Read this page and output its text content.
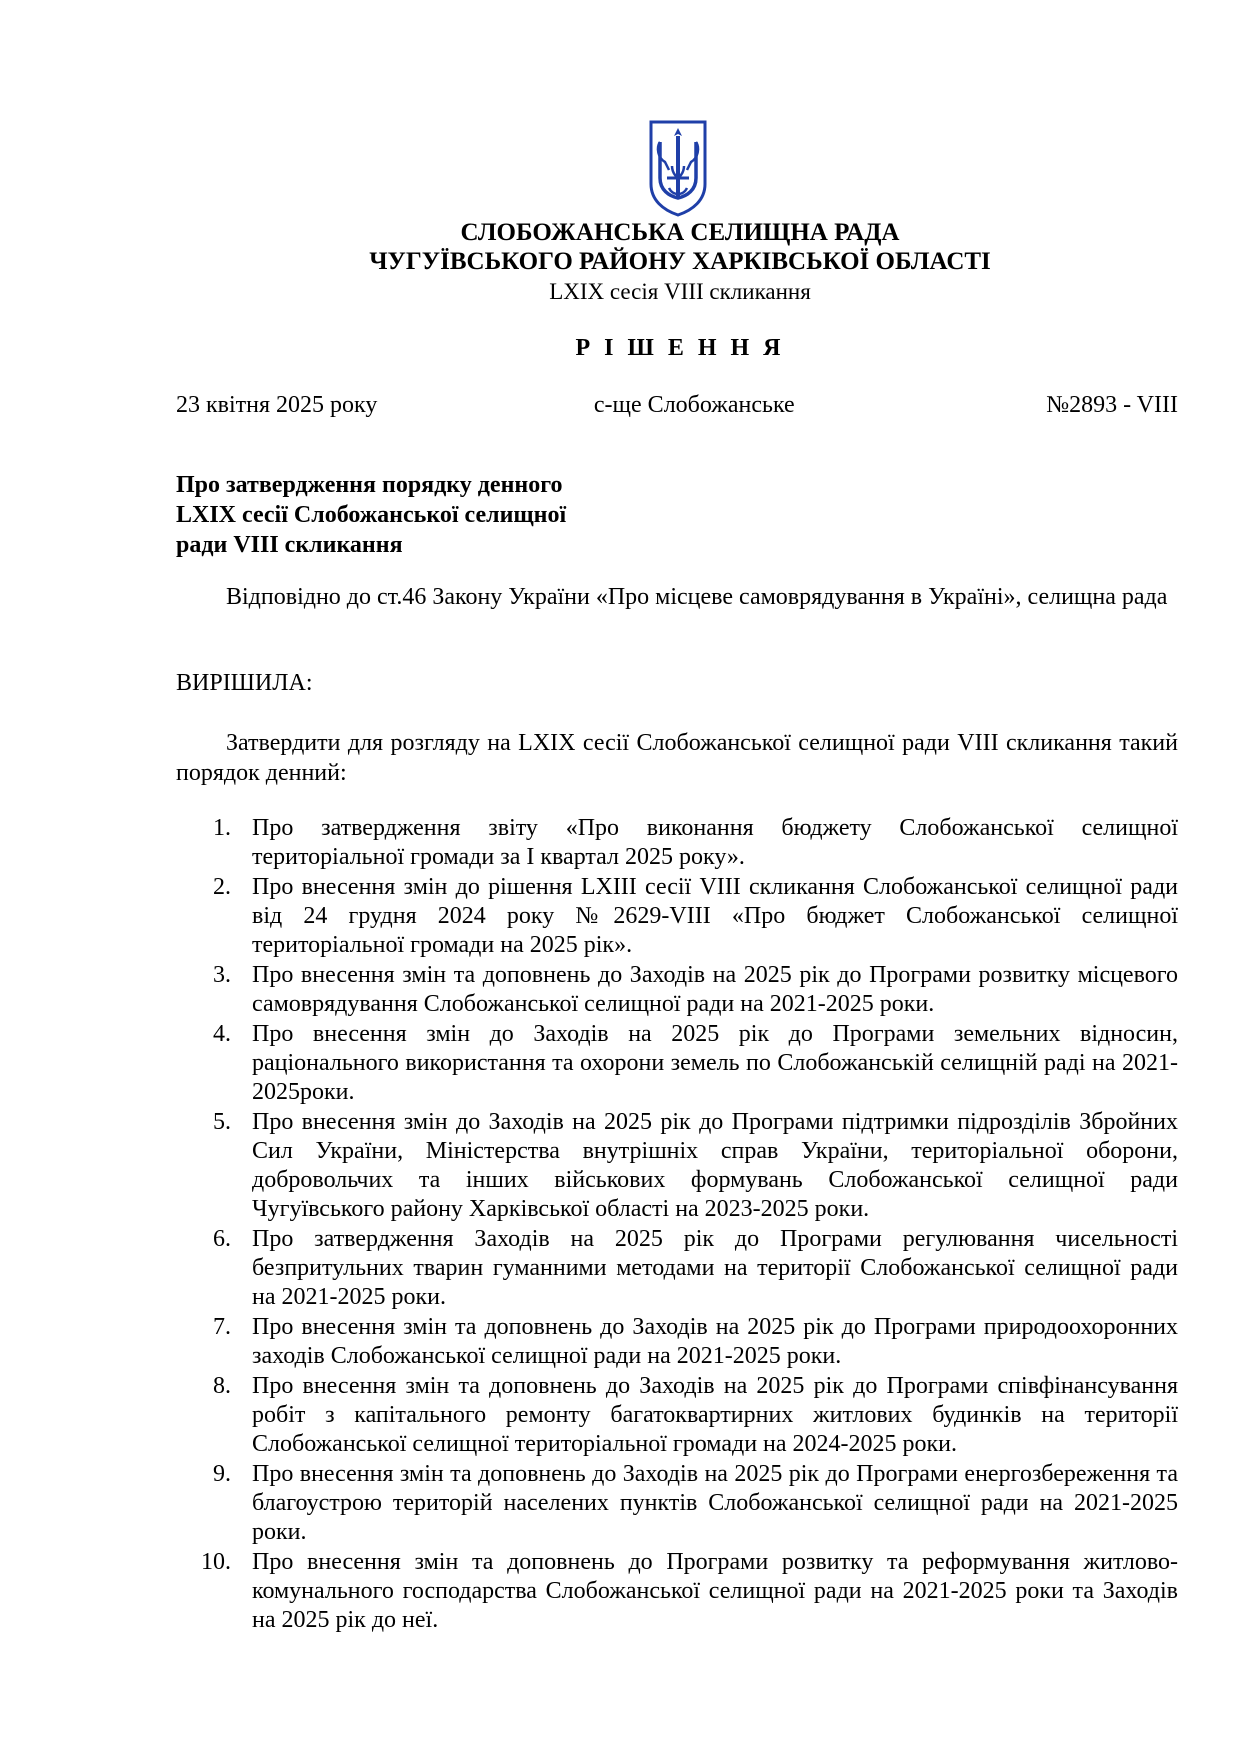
СЛОБОЖАНСЬКА СЕЛИЩНА РАДА
ЧУГУЇВСЬКОГО РАЙОНУ ХАРКІВСЬКОЇ ОБЛАСТІ
LXIX сесія VIII скликання
Р І Ш Е Н Н Я
23 квітня 2025 року	с-ще Слобожанське	№2893 - VIII
Про затвердження порядку денного
LXIX сесії Слобожанської селищної
ради VIII скликання
Відповідно до ст.46 Закону України «Про місцеве самоврядування в Україні», селищна рада
ВИРІШИЛА:
Затвердити для розгляду на LXIX сесії Слобожанської селищної ради VIII скликання такий порядок денний:
1. Про затвердження звіту «Про виконання бюджету Слобожанської селищної територіальної громади за І квартал 2025 року».
2. Про внесення змін до рішення LXIII сесії VIII скликання Слобожанської селищної ради від 24 грудня 2024 року №2629-VIII «Про бюджет Слобожанської селищної територіальної громади на 2025 рік».
3. Про внесення змін та доповнень до Заходів на 2025 рік до Програми розвитку місцевого самоврядування Слобожанської селищної ради на 2021-2025 роки.
4. Про внесення змін до Заходів на 2025 рік до Програми земельних відносин, раціонального використання та охорони земель по Слобожанській селищній раді на 2021-2025роки.
5. Про внесення змін до Заходів на 2025 рік до Програми підтримки підрозділів Збройних Сил України, Міністерства внутрішніх справ України, територіальної оборони, добровольчих та інших військових формувань Слобожанської селищної ради Чугуївського району Харківської області на 2023-2025 роки.
6. Про затвердження Заходів на 2025 рік до Програми регулювання чисельності безпритульних тварин гуманними методами на території Слобожанської селищної ради на 2021-2025 роки.
7. Про внесення змін та доповнень до Заходів на 2025 рік до Програми природоохоронних заходів Слобожанської селищної ради на 2021-2025 роки.
8. Про внесення змін та доповнень до Заходів на 2025 рік до Програми співфінансування робіт з капітального ремонту багатоквартирних житлових будинків на території Слобожанської селищної територіальної громади на 2024-2025 роки.
9. Про внесення змін та доповнень до Заходів на 2025 рік до Програми енергозбереження та благоустрою територій населених пунктів Слобожанської селищної ради на 2021-2025 роки.
10. Про внесення змін та доповнень до Програми розвитку та реформування житлово-комунального господарства Слобожанської селищної ради на 2021-2025 роки та Заходів на 2025 рік до неї.
